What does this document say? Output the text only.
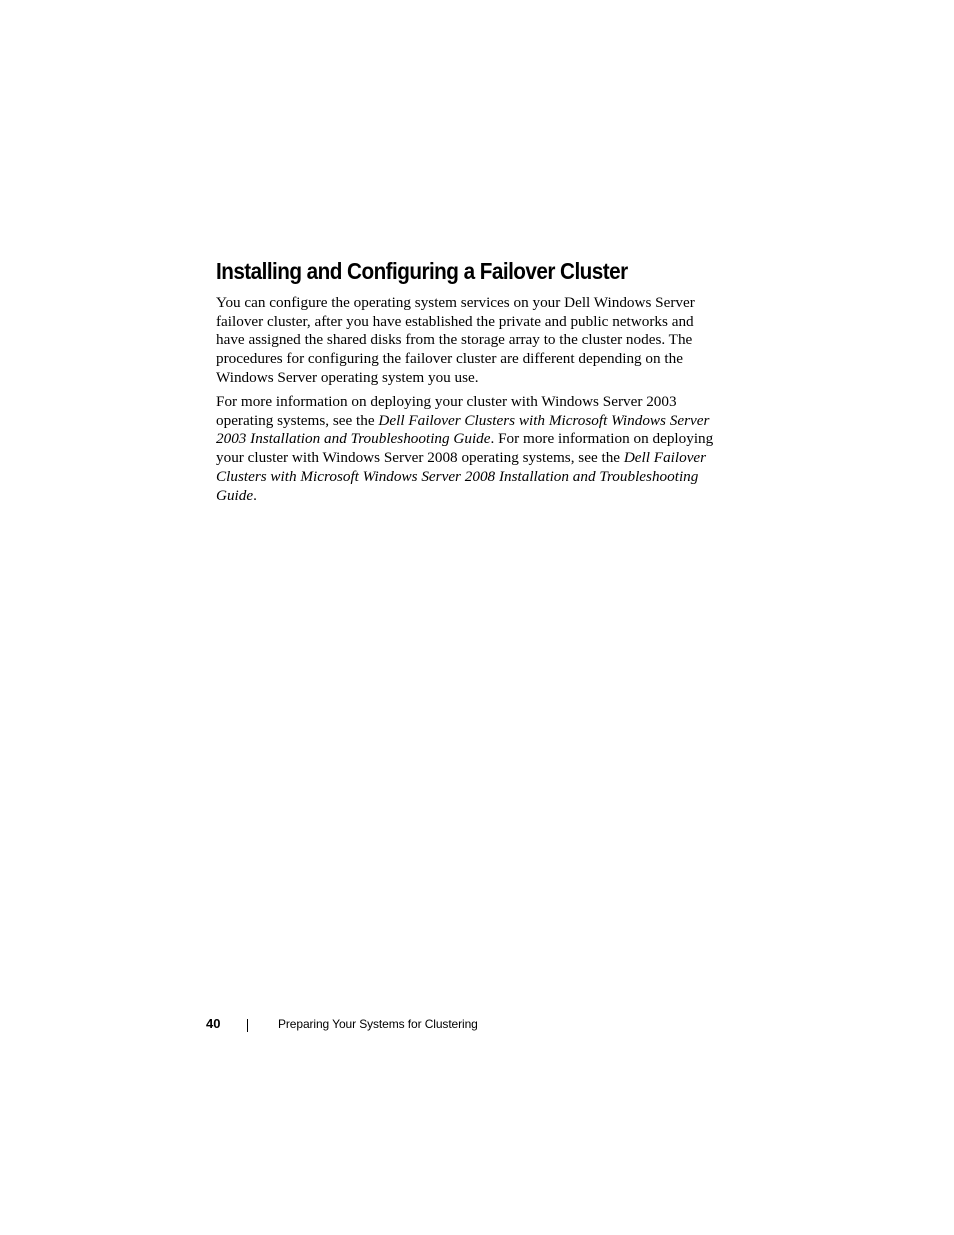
Installing and Configuring a Failover Cluster

You can configure the operating system services on your Dell Windows Server failover cluster, after you have established the private and public networks and have assigned the shared disks from the storage array to the cluster nodes. The procedures for configuring the failover cluster are different depending on the Windows Server operating system you use.

For more information on deploying your cluster with Windows Server 2003 operating systems, see the Dell Failover Clusters with Microsoft Windows Server 2003 Installation and Troubleshooting Guide. For more information on deploying your cluster with Windows Server 2008 operating systems, see the Dell Failover Clusters with Microsoft Windows Server 2008 Installation and Troubleshooting Guide.

40	Preparing Your Systems for Clustering
